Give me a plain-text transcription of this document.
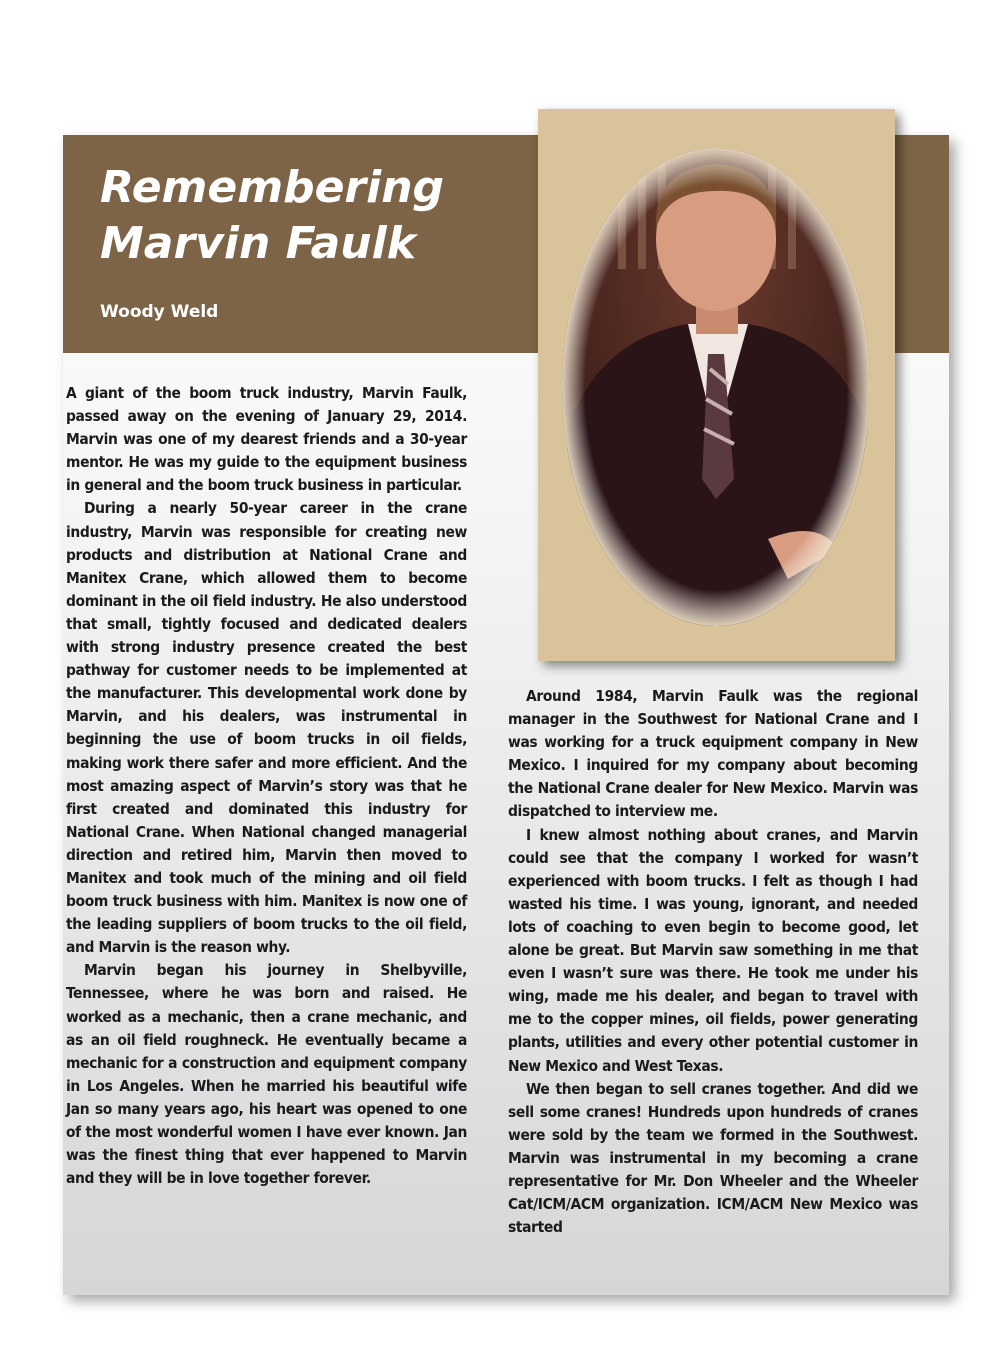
Remembering
Marvin Faulk
Woody Weld

A giant of the boom truck industry, Marvin Faulk, passed away on the evening of January 29, 2014. Marvin was one of my dearest friends and a 30-year mentor. He was my guide to the equipment business in general and the boom truck business in particular.

During a nearly 50-year career in the crane industry, Marvin was responsible for creating new products and distribution at National Crane and Manitex Crane, which allowed them to become dominant in the oil field industry. He also understood that small, tightly focused and dedicated dealers with strong industry presence created the best pathway for customer needs to be implemented at the manufacturer. This developmental work done by Marvin, and his dealers, was instrumental in beginning the use of boom trucks in oil fields, making work there safer and more efficient. And the most amazing aspect of Marvin’s story was that he first created and dominated this industry for National Crane. When National changed managerial direction and retired him, Marvin then moved to Manitex and took much of the mining and oil field boom truck business with him. Manitex is now one of the leading suppliers of boom trucks to the oil field, and Marvin is the reason why.

Marvin began his journey in Shelbyville, Tennessee, where he was born and raised. He worked as a mechanic, then a crane mechanic, and as an oil field roughneck. He eventually became a mechanic for a construction and equipment company in Los Angeles. When he married his beautiful wife Jan so many years ago, his heart was opened to one of the most wonderful women I have ever known. Jan was the finest thing that ever happened to Marvin and they will be in love together forever.

Around 1984, Marvin Faulk was the regional manager in the Southwest for National Crane and I was working for a truck equipment company in New Mexico. I inquired for my company about becoming the National Crane dealer for New Mexico. Marvin was dispatched to interview me.

I knew almost nothing about cranes, and Marvin could see that the company I worked for wasn’t experienced with boom trucks. I felt as though I had wasted his time. I was young, ignorant, and needed lots of coaching to even begin to become good, let alone be great. But Marvin saw something in me that even I wasn’t sure was there. He took me under his wing, made me his dealer, and began to travel with me to the copper mines, oil fields, power generating plants, utilities and every other potential customer in New Mexico and West Texas.

We then began to sell cranes together. And did we sell some cranes! Hundreds upon hundreds of cranes were sold by the team we formed in the Southwest. Marvin was instrumental in my becoming a crane representative for Mr. Don Wheeler and the Wheeler Cat/ICM/ACM organization. ICM/ACM New Mexico was started
